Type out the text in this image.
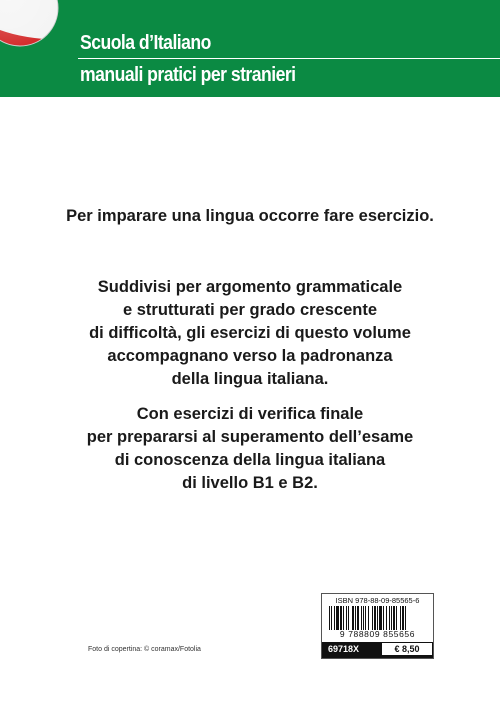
Scuola d’Italiano
manuali pratici per stranieri

Per imparare una lingua occorre fare esercizio.

Suddivisi per argomento grammaticale

e strutturati per grado crescente

di difficoltà, gli esercizi di questo volume

accompagnano verso la padronanza

della lingua italiana.

Con esercizi di verifica finale

per prepararsi al superamento dell’esame

di conoscenza della lingua italiana

di livello B1 e B2.

Foto di copertina: © coramax/Fotolia
ISBN 978-88-09-85565-6
9 788809 855656
69718X	€ 8,50
